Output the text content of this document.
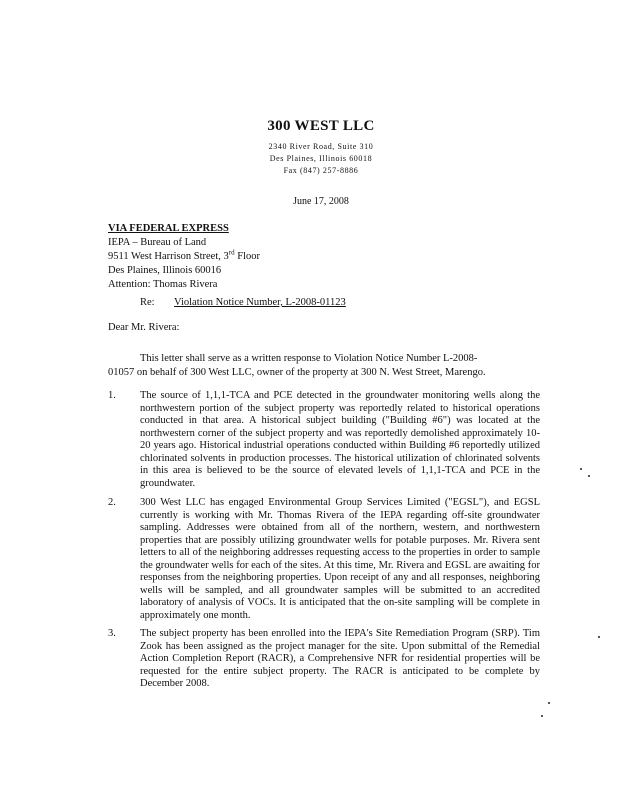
300 WEST LLC
2340 River Road, Suite 310
Des Plaines, Illinois 60018
Fax (847) 257-8886
June 17, 2008
VIA FEDERAL EXPRESS
IEPA – Bureau of Land
9511 West Harrison Street, 3rd Floor
Des Plaines, Illinois 60016
Attention: Thomas Rivera
Re: Violation Notice Number, L-2008-01123
Dear Mr. Rivera:
This letter shall serve as a written response to Violation Notice Number L-2008-
01057 on behalf of 300 West LLC, owner of the property at 300 N. West Street, Marengo.
1. The source of 1,1,1-TCA and PCE detected in the groundwater monitoring wells along the northwestern portion of the subject property was reportedly related to historical operations conducted in that area. A historical subject building ("Building #6") was located at the northwestern corner of the subject property and was reportedly demolished approximately 10-20 years ago. Historical industrial operations conducted within Building #6 reportedly utilized chlorinated solvents in production processes. The historical utilization of chlorinated solvents in this area is believed to be the source of elevated levels of 1,1,1-TCA and PCE in the groundwater.
2. 300 West LLC has engaged Environmental Group Services Limited ("EGSL"), and EGSL currently is working with Mr. Thomas Rivera of the IEPA regarding off-site groundwater sampling. Addresses were obtained from all of the northern, western, and northwestern properties that are possibly utilizing groundwater wells for potable purposes. Mr. Rivera sent letters to all of the neighboring addresses requesting access to the properties in order to sample the groundwater wells for each of the sites. At this time, Mr. Rivera and EGSL are awaiting for responses from the neighboring properties. Upon receipt of any and all responses, neighboring wells will be sampled, and all groundwater samples will be submitted to an accredited laboratory of analysis of VOCs. It is anticipated that the on-site sampling will be complete in approximately one month.
3. The subject property has been enrolled into the IEPA's Site Remediation Program (SRP). Tim Zook has been assigned as the project manager for the site. Upon submittal of the Remedial Action Completion Report (RACR), a Comprehensive NFR for residential properties will be requested for the entire subject property. The RACR is anticipated to be complete by December 2008.
